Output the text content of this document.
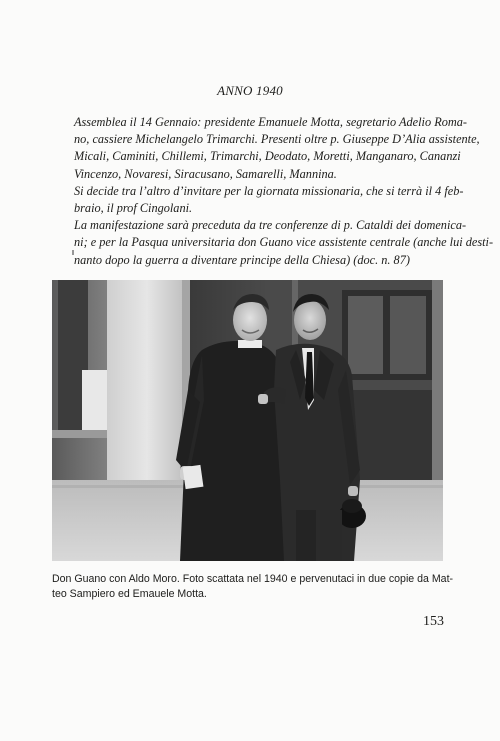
ANNO 1940

Assemblea il 14 Gennaio: presidente Emanuele Motta, segretario Adelio Roma-
no, cassiere Michelangelo Trimarchi. Presenti oltre p. Giuseppe D’Alia assistente,
Micali, Caminiti, Chillemi, Trimarchi, Deodato, Moretti, Manganaro, Cananzi
Vincenzo, Novaresi, Siracusano, Samarelli, Mannina.

Si decide tra l’altro d’invitare per la giornata missionaria, che si terrà il 4 feb-
braio, il prof Cingolani.

La manifestazione sarà preceduta da tre conferenze di p. Cataldi dei domenica-
ni; e per la Pasqua universitaria don Guano vice assistente centrale (anche lui desti-
nanto dopo la guerra a diventare principe della Chiesa) (doc. n. 87)

Don Guano con Aldo Moro. Foto scattata nel 1940 e pervenutaci in due copie da Mat-
teo Sampiero ed Emauele Motta.
153
